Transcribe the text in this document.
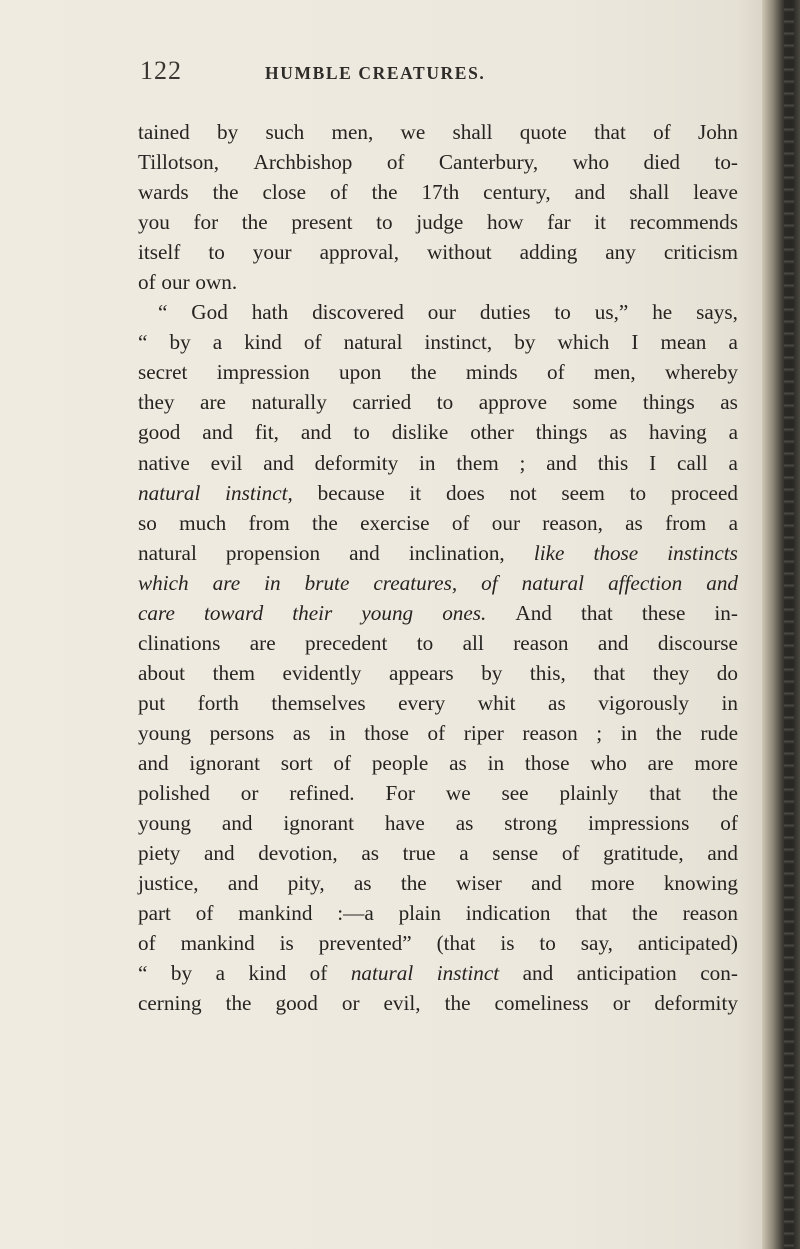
122	HUMBLE CREATURES.
tained by such men, we shall quote that of John
Tillotson, Archbishop of Canterbury, who died to-
wards the close of the 17th century, and shall leave
you for the present to judge how far it recommends
itself to your approval, without adding any criticism
of our own.
“ God hath discovered our duties to us,” he says,
“ by a kind of natural instinct, by which I mean a
secret impression upon the minds of men, whereby
they are naturally carried to approve some things as
good and fit, and to dislike other things as having a
native evil and deformity in them ; and this I call a
natural instinct, because it does not seem to proceed
so much from the exercise of our reason, as from a
natural propension and inclination, like those instincts
which are in brute creatures, of natural affection and
care toward their young ones. And that these in-
clinations are precedent to all reason and discourse
about them evidently appears by this, that they do
put forth themselves every whit as vigorously in
young persons as in those of riper reason ; in the rude
and ignorant sort of people as in those who are more
polished or refined. For we see plainly that the
young and ignorant have as strong impressions of
piety and devotion, as true a sense of gratitude, and
justice, and pity, as the wiser and more knowing
part of mankind :—a plain indication that the reason
of mankind is prevented” (that is to say, anticipated)
“ by a kind of natural instinct and anticipation con-
cerning the good or evil, the comeliness or deformity
